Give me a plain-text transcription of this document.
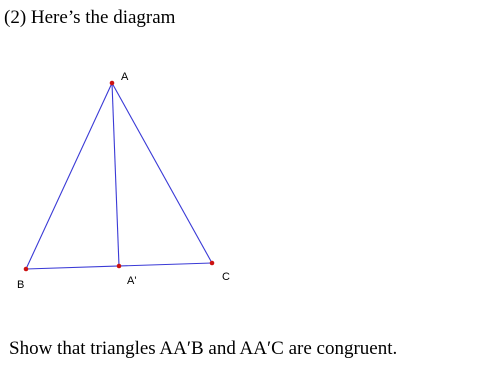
(2) Here’s the diagram
A
B	A'	C
Show that triangles AA′B and AA′C are congruent.
